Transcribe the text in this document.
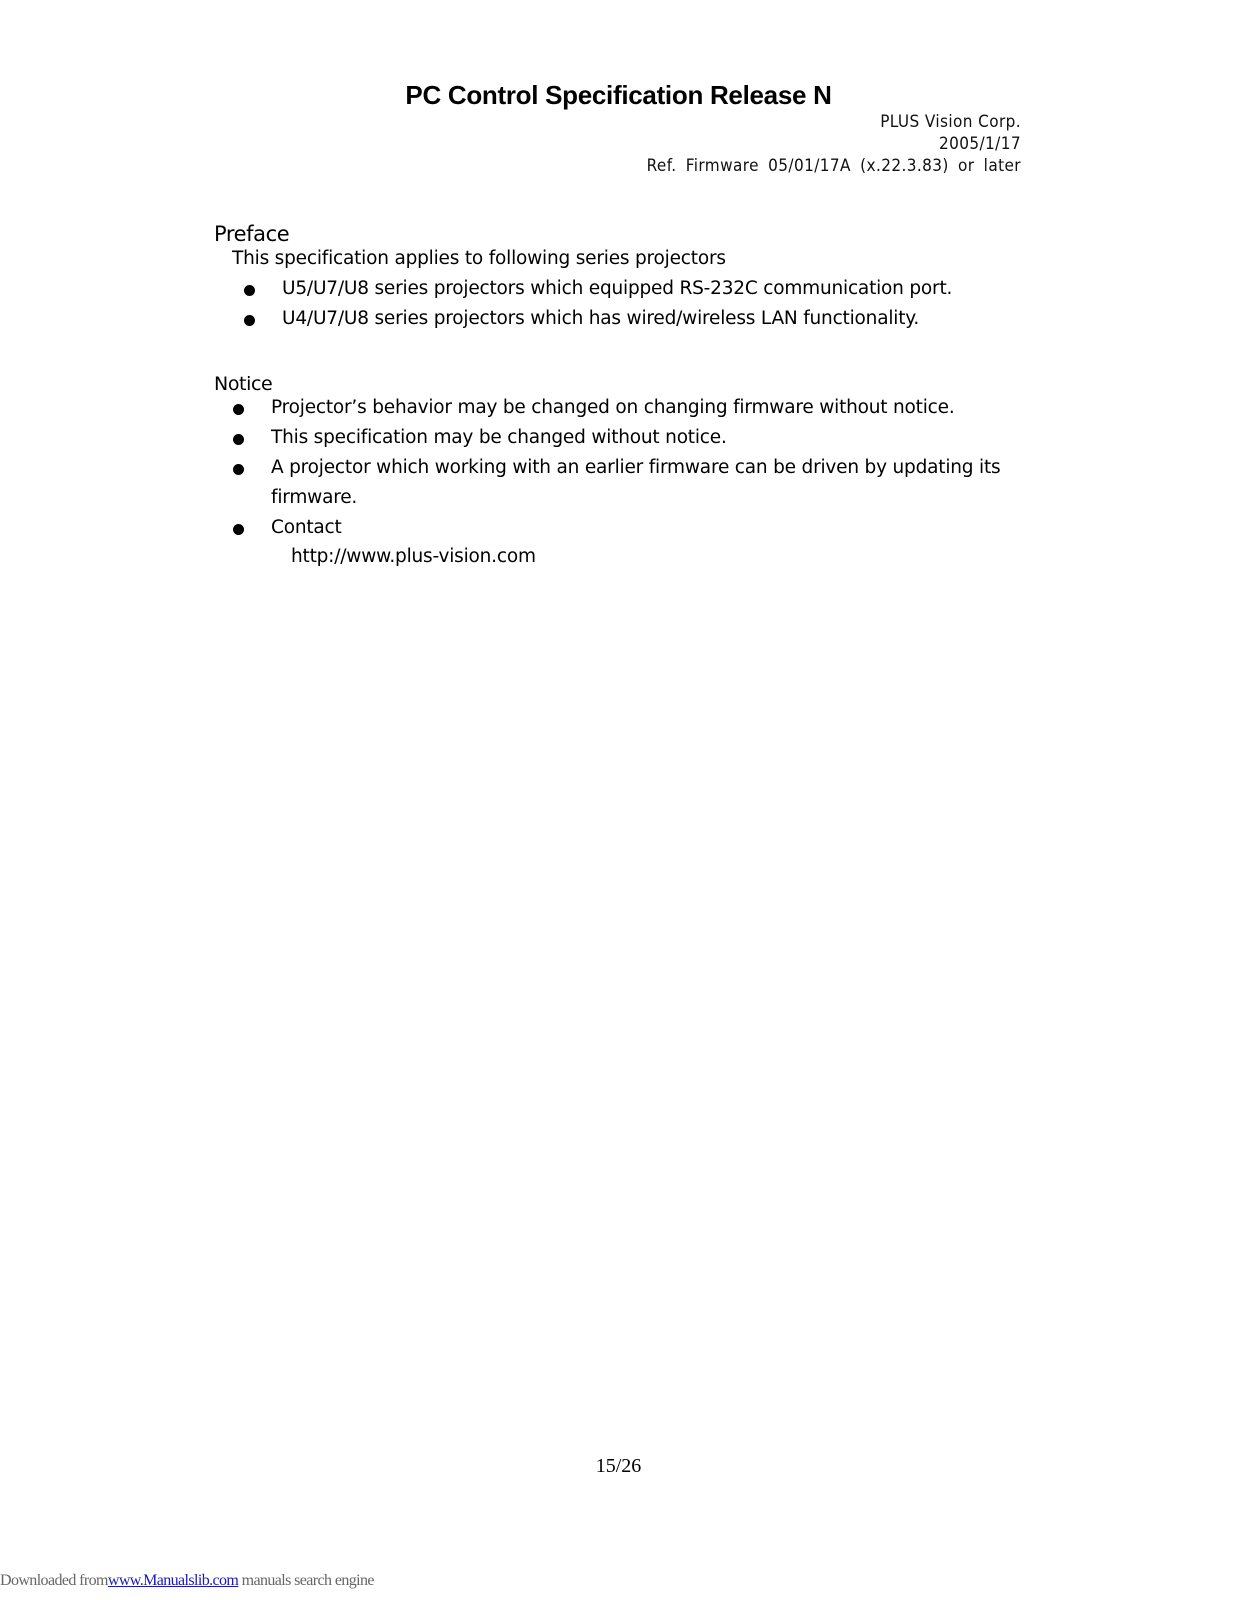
PC Control Specification Release N
PLUS Vision Corp.
2005/1/17
Ref. Firmware 05/01/17A (x.22.3.83) or later
Preface
This specification applies to following series projectors
U5/U7/U8 series projectors which equipped RS-232C communication port.
U4/U7/U8 series projectors which has wired/wireless LAN functionality.
Notice
Projector’s behavior may be changed on changing firmware without notice.
This specification may be changed without notice.
A projector which working with an earlier firmware can be driven by updating its
firmware.
Contact
http://www.plus-vision.com
15/26
Downloaded fromwww.Manualslib.com manuals search engine
